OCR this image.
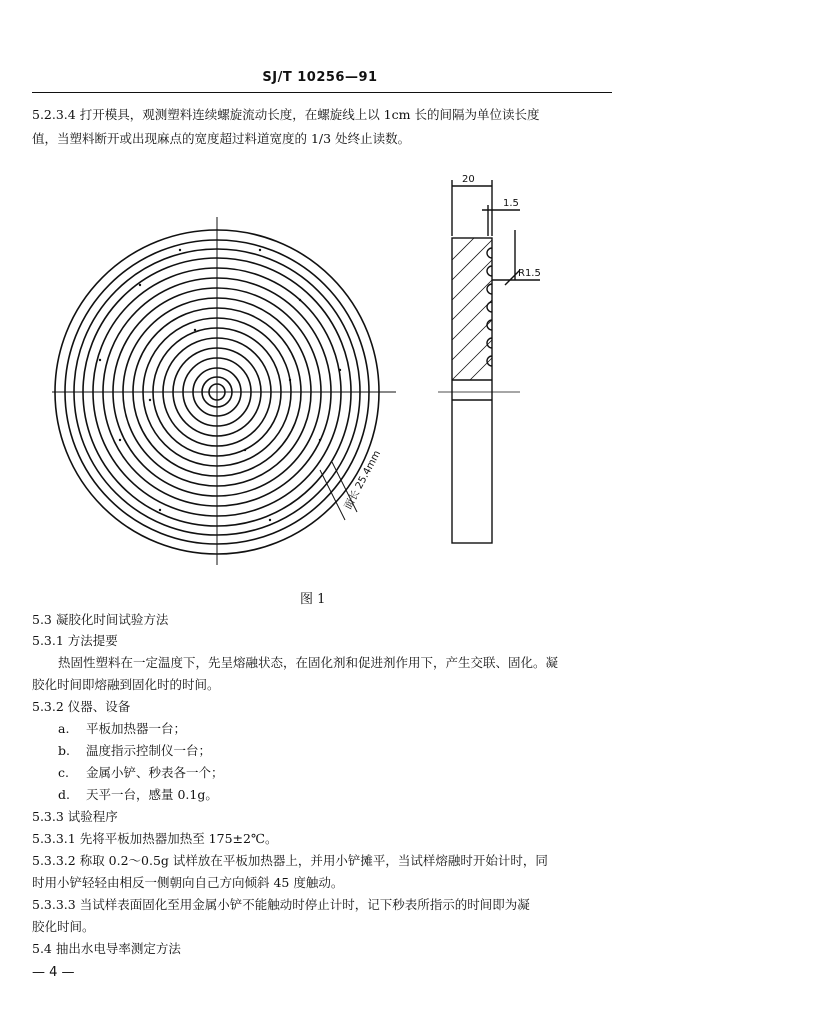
SJ/T 10256—91
5.2.3.4 打开模具，观测塑料连续螺旋流动长度，在螺旋线上以 1cm 长的间隔为单位读长度
值，当塑料断开或出现麻点的宽度超过料道宽度的 1/3 处终止读数。
面长 25.4mm
20
1.5
R1.5
图 1
5.3 凝胶化时间试验方法
5.3.1 方法提要
热固性塑料在一定温度下，先呈熔融状态，在固化剂和促进剂作用下，产生交联、固化。凝
胶化时间即熔融到固化时的时间。
5.3.2 仪器、设备
a. 平板加热器一台；
b. 温度指示控制仪一台；
c. 金属小铲、秒表各一个；
d. 天平一台，感量 0.1g。
5.3.3 试验程序
5.3.3.1 先将平板加热器加热至 175±2℃。
5.3.3.2 称取 0.2～0.5g 试样放在平板加热器上，并用小铲摊平，当试样熔融时开始计时，同
时用小铲轻轻由相反一侧朝向自己方向倾斜 45 度触动。
5.3.3.3 当试样表面固化至用金属小铲不能触动时停止计时，记下秒表所指示的时间即为凝
胶化时间。
5.4 抽出水电导率测定方法
— 4 —
